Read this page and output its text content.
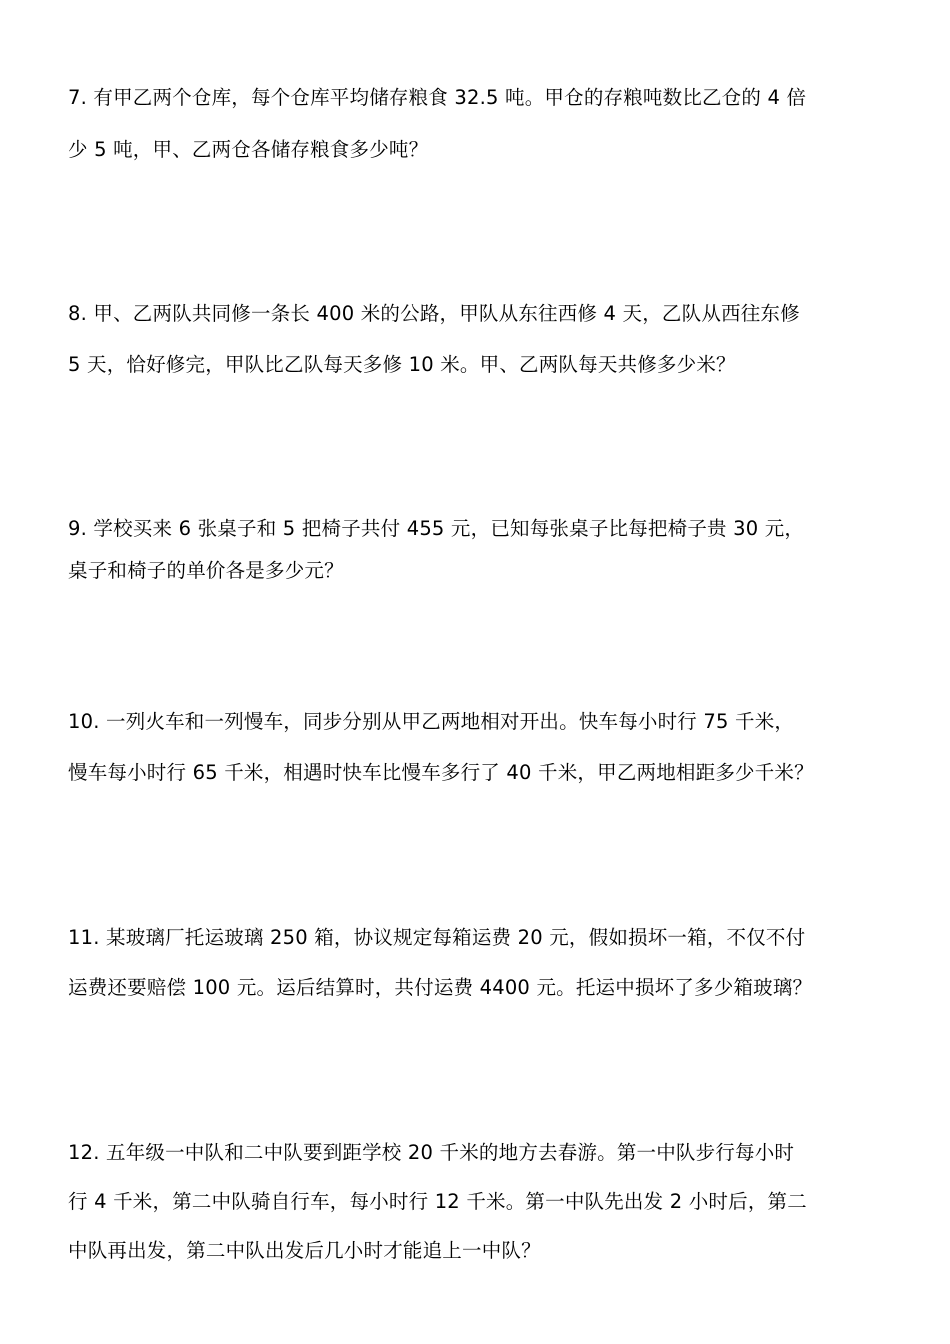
7. 有甲乙两个仓库，每个仓库平均储存粮食 32.5 吨。甲仓的存粮吨数比乙仓的 4 倍
少 5 吨，甲、乙两仓各储存粮食多少吨？
8. 甲、乙两队共同修一条长 400 米的公路，甲队从东往西修 4 天，乙队从西往东修
5 天，恰好修完，甲队比乙队每天多修 10 米。甲、乙两队每天共修多少米？
9. 学校买来 6 张桌子和 5 把椅子共付 455 元，已知每张桌子比每把椅子贵 30 元，
桌子和椅子的单价各是多少元？
10. 一列火车和一列慢车，同步分别从甲乙两地相对开出。快车每小时行 75 千米，
慢车每小时行 65 千米，相遇时快车比慢车多行了 40 千米，甲乙两地相距多少千米？
11. 某玻璃厂托运玻璃 250 箱，协议规定每箱运费 20 元，假如损坏一箱，不仅不付
运费还要赔偿 100 元。运后结算时，共付运费 4400 元。托运中损坏了多少箱玻璃？
12. 五年级一中队和二中队要到距学校 20 千米的地方去春游。第一中队步行每小时
行 4 千米，第二中队骑自行车，每小时行 12 千米。第一中队先出发 2 小时后，第二
中队再出发，第二中队出发后几小时才能追上一中队？
